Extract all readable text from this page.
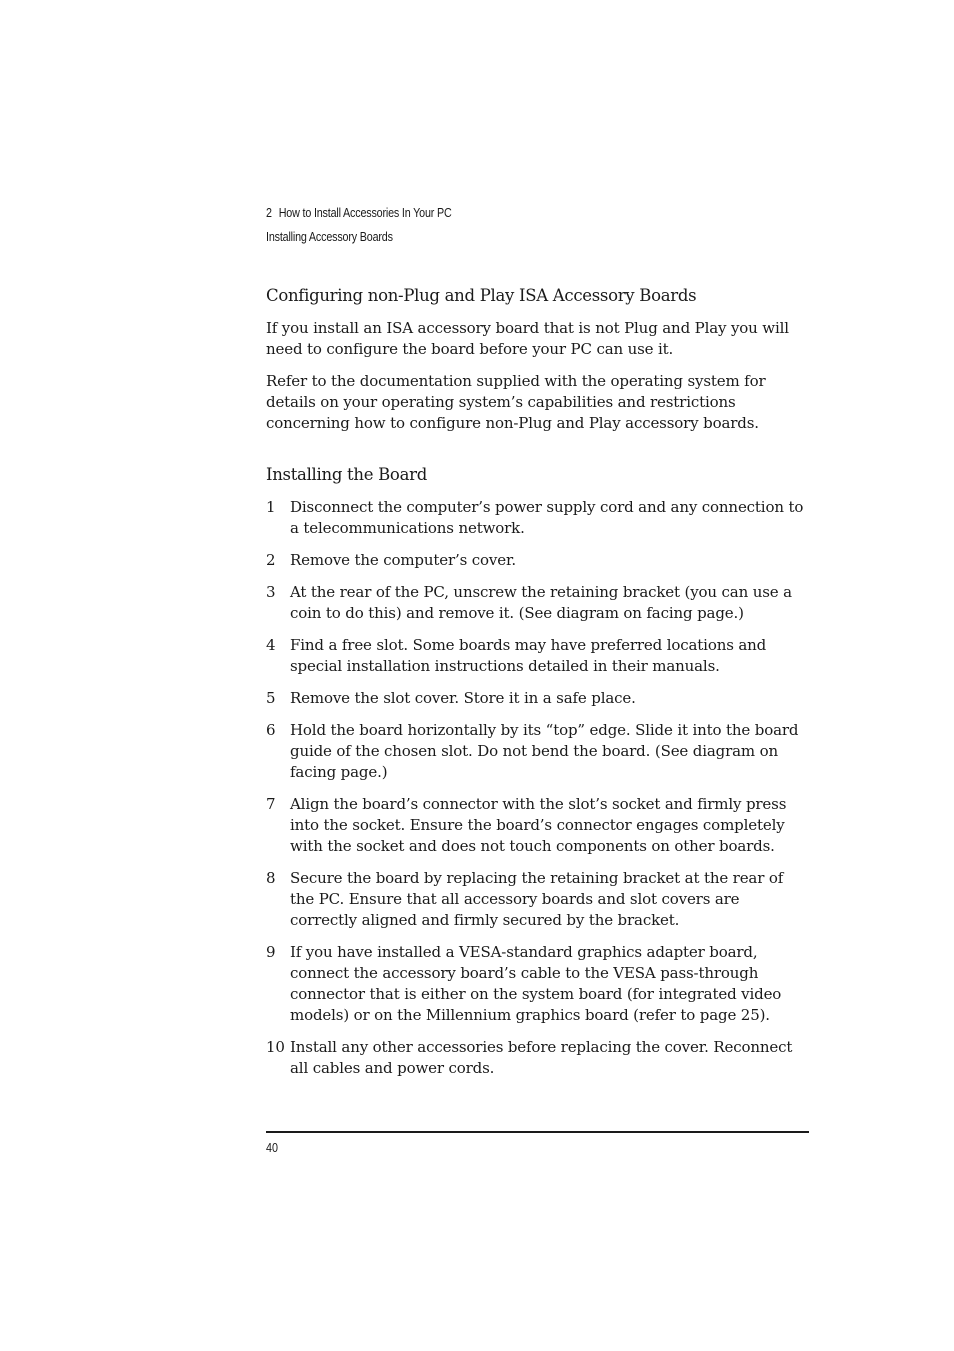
2 How to Install Accessories In Your PC
Installing Accessory Boards
Configuring non-Plug and Play ISA Accessory Boards

If you install an ISA accessory board that is not Plug and Play you will need to configure the board before your PC can use it.

Refer to the documentation supplied with the operating system for details on your operating system’s capabilities and restrictions concerning how to configure non-Plug and Play accessory boards.

Installing the Board
1 Disconnect the computer’s power supply cord and any connection to a telecommunications network.
2 Remove the computer’s cover.
3 At the rear of the PC, unscrew the retaining bracket (you can use a coin to do this) and remove it. (See diagram on facing page.)
4 Find a free slot. Some boards may have preferred locations and special installation instructions detailed in their manuals.
5 Remove the slot cover. Store it in a safe place.
6 Hold the board horizontally by its “top” edge. Slide it into the board guide of the chosen slot. Do not bend the board. (See diagram on facing page.)
7 Align the board’s connector with the slot’s socket and firmly press into the socket. Ensure the board’s connector engages completely with the socket and does not touch components on other boards.
8 Secure the board by replacing the retaining bracket at the rear of the PC. Ensure that all accessory boards and slot covers are correctly aligned and firmly secured by the bracket.
9 If you have installed a VESA-standard graphics adapter board, connect the accessory board’s cable to the VESA pass-through connector that is either on the system board (for integrated video models) or on the Millennium graphics board (refer to page 25).
10 Install any other accessories before replacing the cover. Reconnect all cables and power cords.
40
